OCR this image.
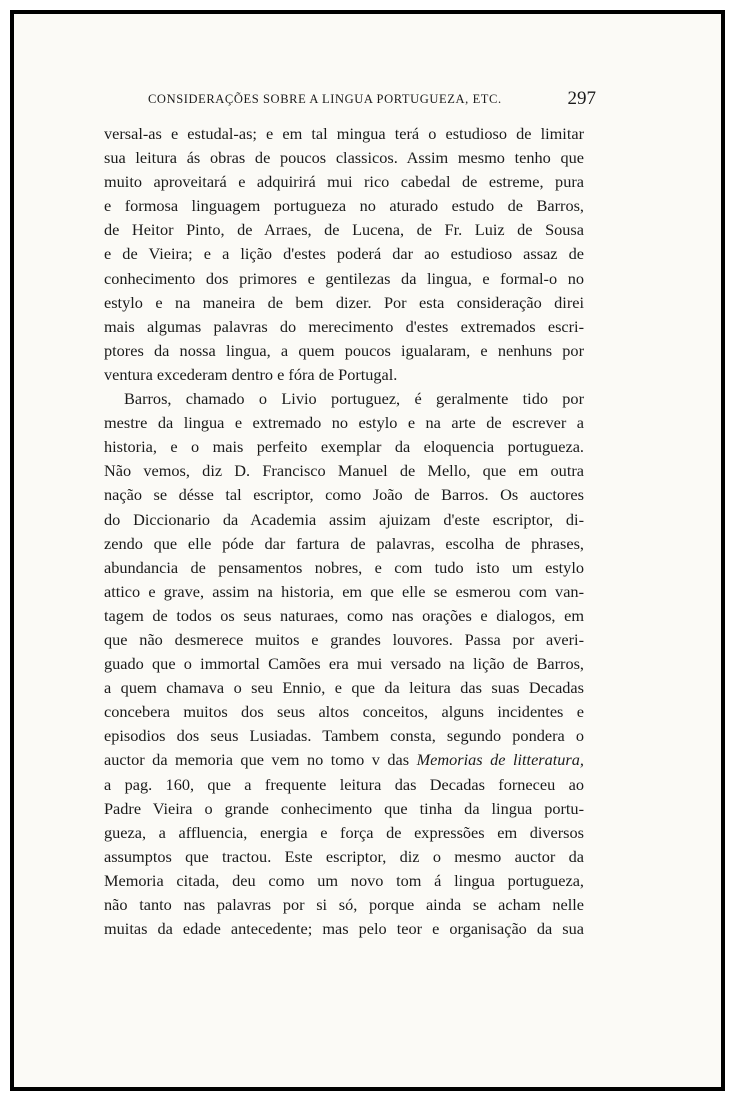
CONSIDERAÇÕES SOBRE A LINGUA PORTUGUEZA, ETC.	297
versal-as e estudal-as; e em tal mingua terá o estudioso de limitar
sua leitura ás obras de poucos classicos. Assim mesmo tenho que
muito aproveitará e adquirirá mui rico cabedal de estreme, pura
e formosa linguagem portugueza no aturado estudo de Barros,
de Heitor Pinto, de Arraes, de Lucena, de Fr. Luiz de Sousa
e de Vieira; e a lição d'estes poderá dar ao estudioso assaz de
conhecimento dos primores e gentilezas da lingua, e formal-o no
estylo e na maneira de bem dizer. Por esta consideração direi
mais algumas palavras do merecimento d'estes extremados escri-
ptores da nossa lingua, a quem poucos igualaram, e nenhuns por
ventura excederam dentro e fóra de Portugal.
Barros, chamado o Livio portuguez, é geralmente tido por
mestre da lingua e extremado no estylo e na arte de escrever a
historia, e o mais perfeito exemplar da eloquencia portugueza.
Não vemos, diz D. Francisco Manuel de Mello, que em outra
nação se désse tal escriptor, como João de Barros. Os auctores
do Diccionario da Academia assim ajuizam d'este escriptor, di-
zendo que elle póde dar fartura de palavras, escolha de phrases,
abundancia de pensamentos nobres, e com tudo isto um estylo
attico e grave, assim na historia, em que elle se esmerou com van-
tagem de todos os seus naturaes, como nas orações e dialogos, em
que não desmerece muitos e grandes louvores. Passa por averi-
guado que o immortal Camões era mui versado na lição de Barros,
a quem chamava o seu Ennio, e que da leitura das suas Decadas
concebera muitos dos seus altos conceitos, alguns incidentes e
episodios dos seus Lusiadas. Tambem consta, segundo pondera o
auctor da memoria que vem no tomo v das Memorias de litteratura,
a pag. 160, que a frequente leitura das Decadas forneceu ao
Padre Vieira o grande conhecimento que tinha da lingua portu-
gueza, a affluencia, energia e força de expressões em diversos
assumptos que tractou. Este escriptor, diz o mesmo auctor da
Memoria citada, deu como um novo tom á lingua portugueza,
não tanto nas palavras por si só, porque ainda se acham nelle
muitas da edade antecedente; mas pelo teor e organisação da sua
